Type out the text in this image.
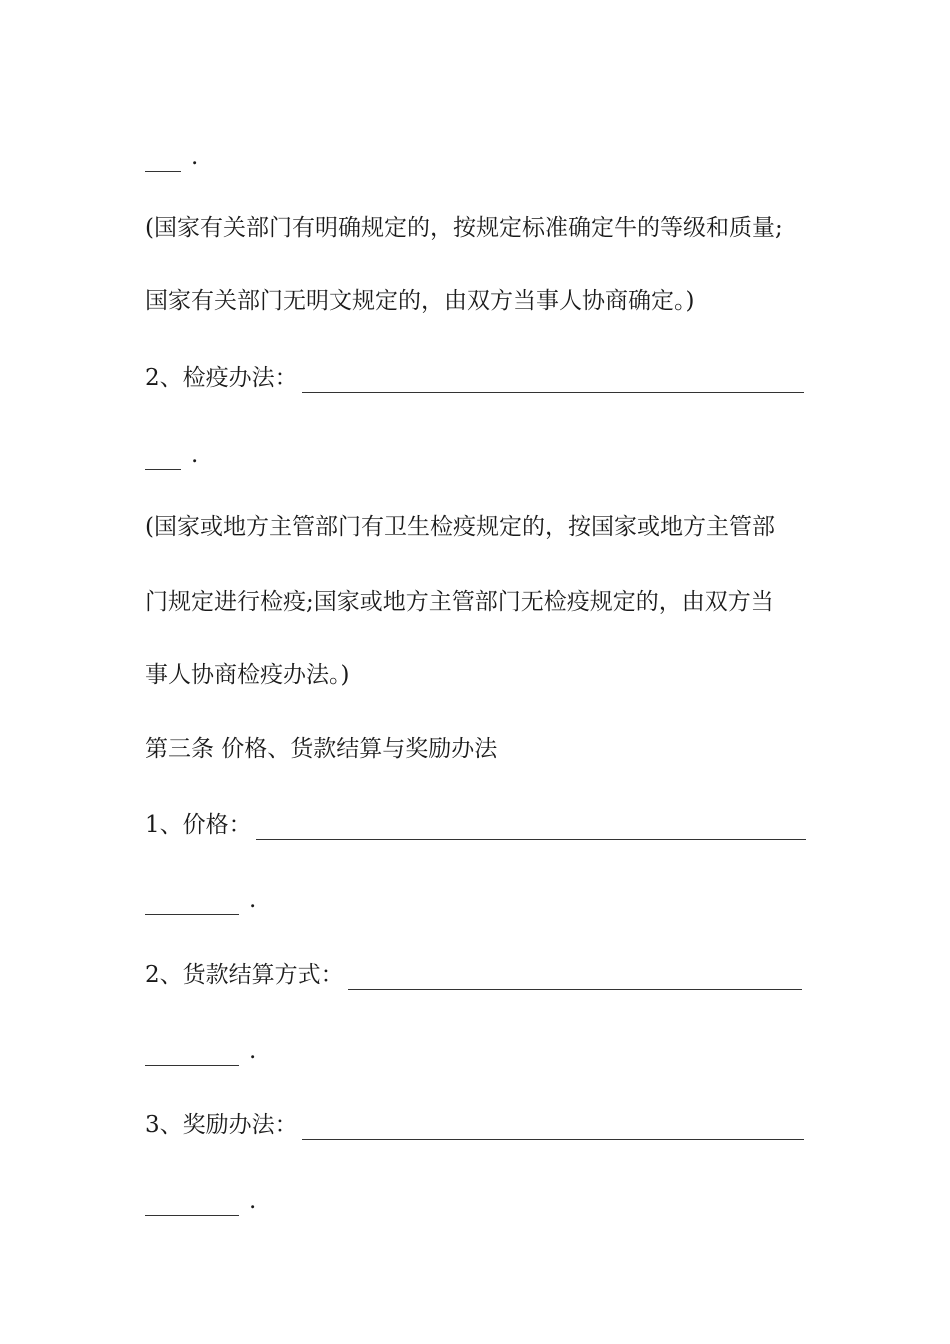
.
(国家有关部门有明确规定的，按规定标准确定牛的等级和质量;
国家有关部门无明文规定的，由双方当事人协商确定。)
2、检疫办法：
.
(国家或地方主管部门有卫生检疫规定的，按国家或地方主管部
门规定进行检疫;国家或地方主管部门无检疫规定的，由双方当
事人协商检疫办法。)
第三条 价格、货款结算与奖励办法
1、价格：
.
2、货款结算方式：
.
3、奖励办法：
.
